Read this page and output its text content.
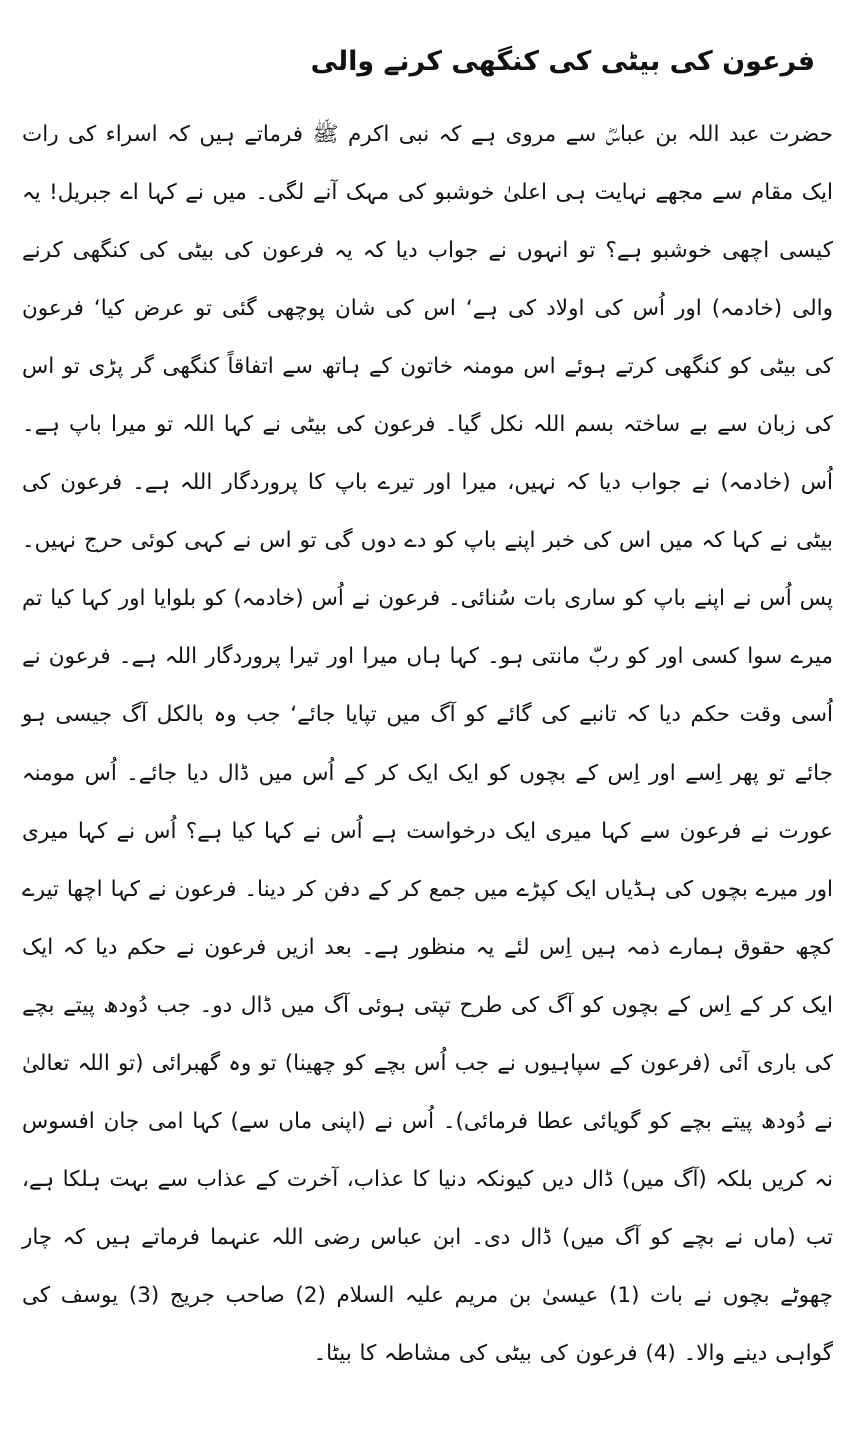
فرعون کی بیٹی کی کنگھی کرنے والی

حضرت عبد اللہ بن عباسؓ سے مروی ہے کہ نبی اکرم ﷺ فرماتے ہیں کہ اسراء کی رات ایک مقام سے مجھے نہایت ہی اعلیٰ خوشبو کی مہک آنے لگی۔ میں نے کہا اے جبریل! یہ کیسی اچھی خوشبو ہے؟ تو انہوں نے جواب دیا کہ یہ فرعون کی بیٹی کی کنگھی کرنے والی (خادمہ) اور اُس کی اولاد کی ہے‘ اس کی شان پوچھی گئی تو عرض کیا‘ فرعون کی بیٹی کو کنگھی کرتے ہوئے اس مومنہ خاتون کے ہاتھ سے اتفاقاً کنگھی گر پڑی تو اس کی زبان سے بے ساختہ بسم اللہ نکل گیا۔ فرعون کی بیٹی نے کہا اللہ تو میرا باپ ہے۔ اُس (خادمہ) نے جواب دیا کہ نہیں، میرا اور تیرے باپ کا پروردگار اللہ ہے۔ فرعون کی بیٹی نے کہا کہ میں اس کی خبر اپنے باپ کو دے دوں گی تو اس نے کہی کوئی حرج نہیں۔ پس اُس نے اپنے باپ کو ساری بات سُنائی۔ فرعون نے اُس (خادمہ) کو بلوایا اور کہا کیا تم میرے سوا کسی اور کو ربّ مانتی ہو۔ کہا ہاں میرا اور تیرا پروردگار اللہ ہے۔ فرعون نے اُسی وقت حکم دیا کہ تانبے کی گائے کو آگ میں تپایا جائے‘ جب وہ بالکل آگ جیسی ہو جائے تو پھر اِسے اور اِس کے بچوں کو ایک ایک کر کے اُس میں ڈال دیا جائے۔ اُس مومنہ عورت نے فرعون سے کہا میری ایک درخواست ہے اُس نے کہا کیا ہے؟ اُس نے کہا میری اور میرے بچوں کی ہڈیاں ایک کپڑے میں جمع کر کے دفن کر دینا۔ فرعون نے کہا اچھا تیرے کچھ حقوق ہمارے ذمہ ہیں اِس لئے یہ منظور ہے۔ بعد ازیں فرعون نے حکم دیا کہ ایک ایک کر کے اِس کے بچوں کو آگ کی طرح تپتی ہوئی آگ میں ڈال دو۔ جب دُودھ پیتے بچے کی باری آئی (فرعون کے سپاہیوں نے جب اُس بچے کو چھینا) تو وہ گھبرائی (تو اللہ تعالیٰ نے دُودھ پیتے بچے کو گویائی عطا فرمائی)۔ اُس نے (اپنی ماں سے) کہا امی جان افسوس نہ کریں بلکہ (آگ میں) ڈال دیں کیونکہ دنیا کا عذاب، آخرت کے عذاب سے بہت ہلکا ہے، تب (ماں نے بچے کو آگ میں) ڈال دی۔ ابن عباس رضی اللہ عنہما فرماتے ہیں کہ چار چھوٹے بچوں نے بات (1) عیسیٰ بن مریم علیہ السلام (2) صاحب جریج (3) یوسف کی گواہی دینے والا۔ (4) فرعون کی بیٹی کی مشاطہ کا بیٹا۔
